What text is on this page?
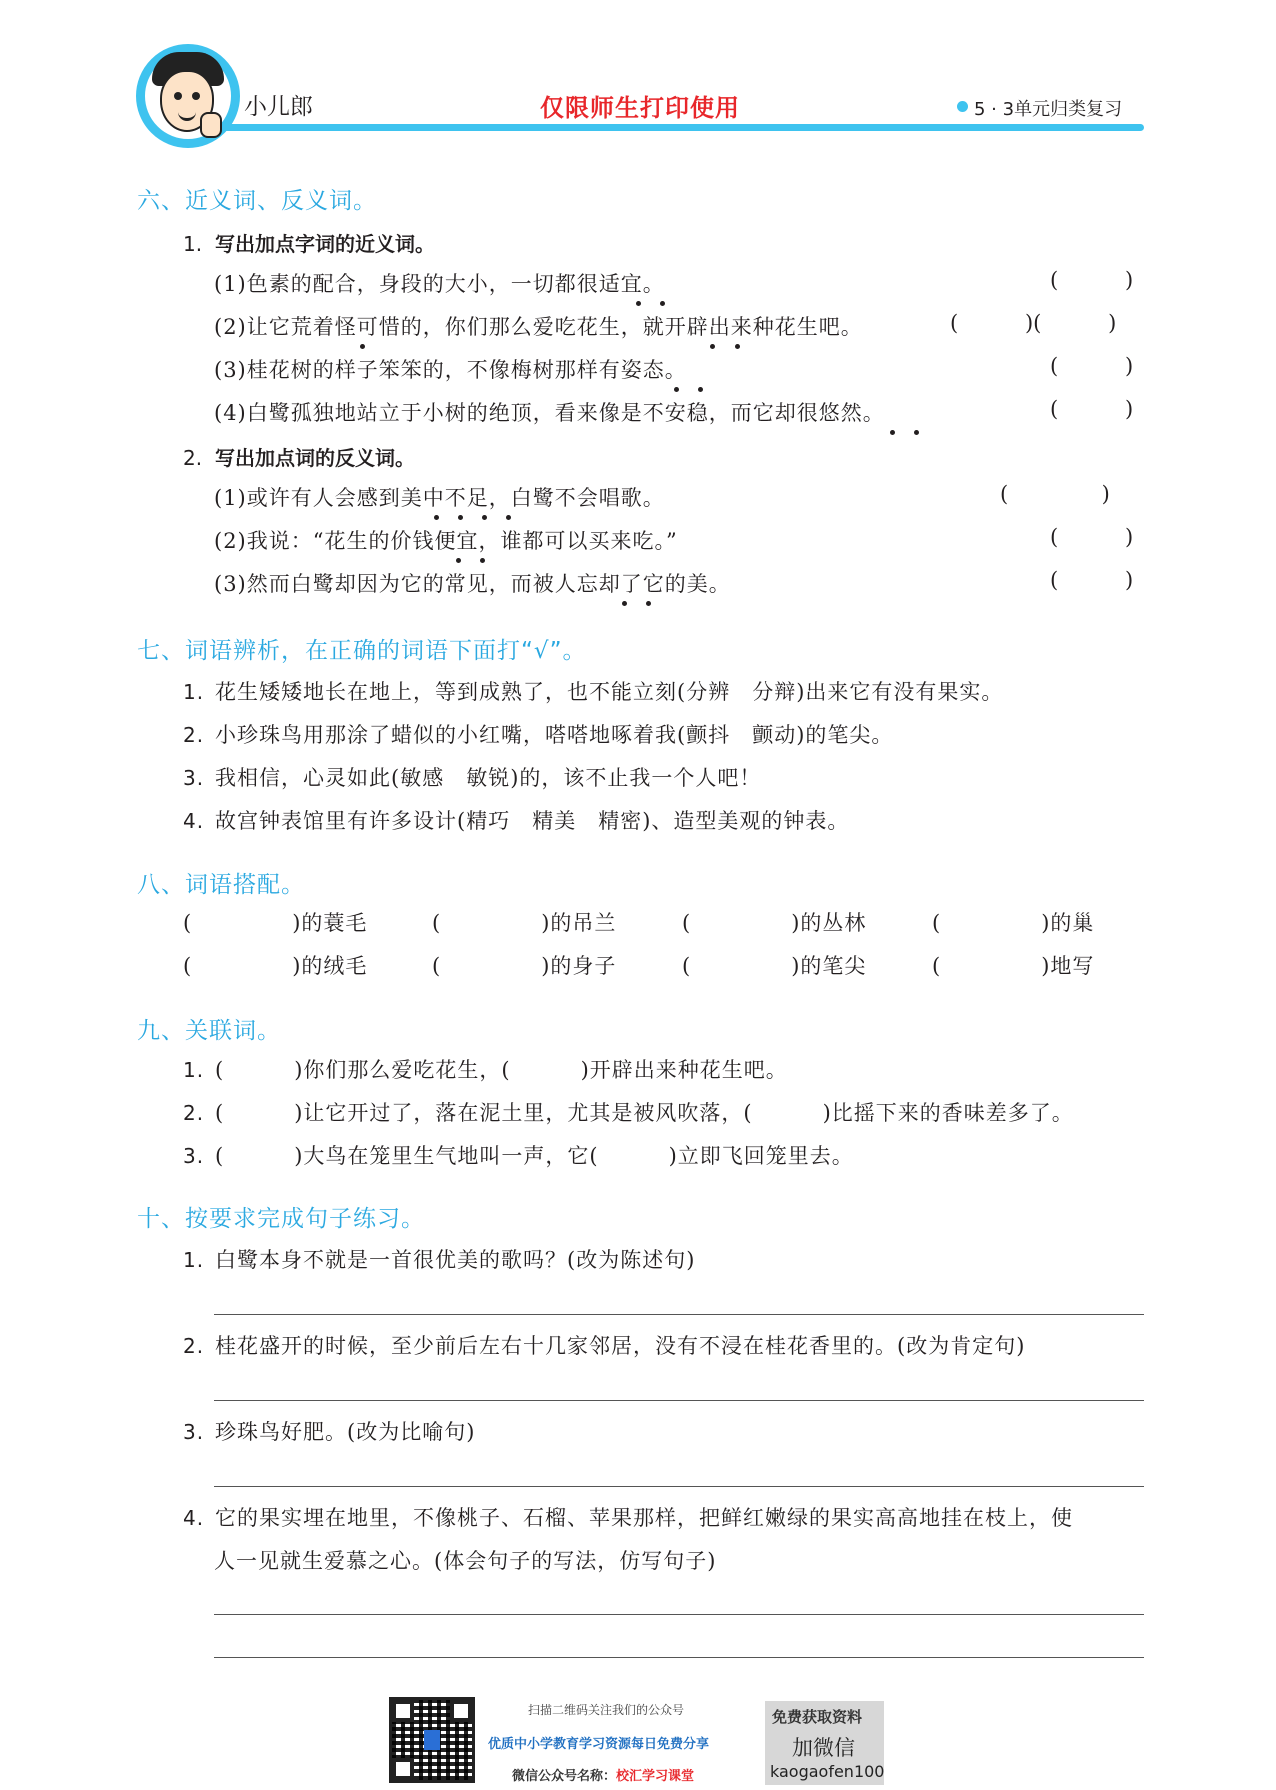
小儿郎	仅限师生打印使用	5 · 3单元归类复习
六、近义词、反义词。
1. 写出加点字词的近义词。
(1)色素的配合，身段的大小，一切都很适宜。	(          )
(2)让它荒着怪可惜的，你们那么爱吃花生，就开辟出来种花生吧。	(          )(          )
(3)桂花树的样子笨笨的，不像梅树那样有姿态。	(          )
(4)白鹭孤独地站立于小树的绝顶，看来像是不安稳，而它却很悠然。	(          )
2. 写出加点词的反义词。
(1)或许有人会感到美中不足，白鹭不会唱歌。	(              )
(2)我说：“花生的价钱便宜，谁都可以买来吃。”	(          )
(3)然而白鹭却因为它的常见，而被人忘却了它的美。	(          )
七、词语辨析，在正确的词语下面打“√”。
1. 花生矮矮地长在地上，等到成熟了，也不能立刻(分辨　分辩)出来它有没有果实。
2. 小珍珠鸟用那涂了蜡似的小红嘴，嗒嗒地啄着我(颤抖　颤动)的笔尖。
3. 我相信，心灵如此(敏感　敏锐)的，该不止我一个人吧！
4. 故宫钟表馆里有许多设计(精巧　精美　精密)、造型美观的钟表。
八、词语搭配。
(	)的蓑毛	(	)的吊兰	(	)的丛林	(	)的巢
(	)的绒毛	(	)的身子	(	)的笔尖	(	)地写
九、关联词。
1. (	)你们那么爱吃花生，(	)开辟出来种花生吧。
2. (	)让它开过了，落在泥土里，尤其是被风吹落，(	)比摇下来的香味差多了。
3. (	)大鸟在笼里生气地叫一声，它(	)立即飞回笼里去。
十、按要求完成句子练习。
1. 白鹭本身不就是一首很优美的歌吗？(改为陈述句)
2. 桂花盛开的时候，至少前后左右十几家邻居，没有不浸在桂花香里的。(改为肯定句)
3. 珍珠鸟好肥。(改为比喻句)
4. 它的果实埋在地里，不像桃子、石榴、苹果那样，把鲜红嫩绿的果实高高地挂在枝上，使
人一见就生爱慕之心。(体会句子的写法，仿写句子)
扫描二维码关注我们的公众号
优质中小学教育学习资源每日免费分享
微信公众号名称：校汇学习课堂
免费获取资料
加微信
kaogaofen100
